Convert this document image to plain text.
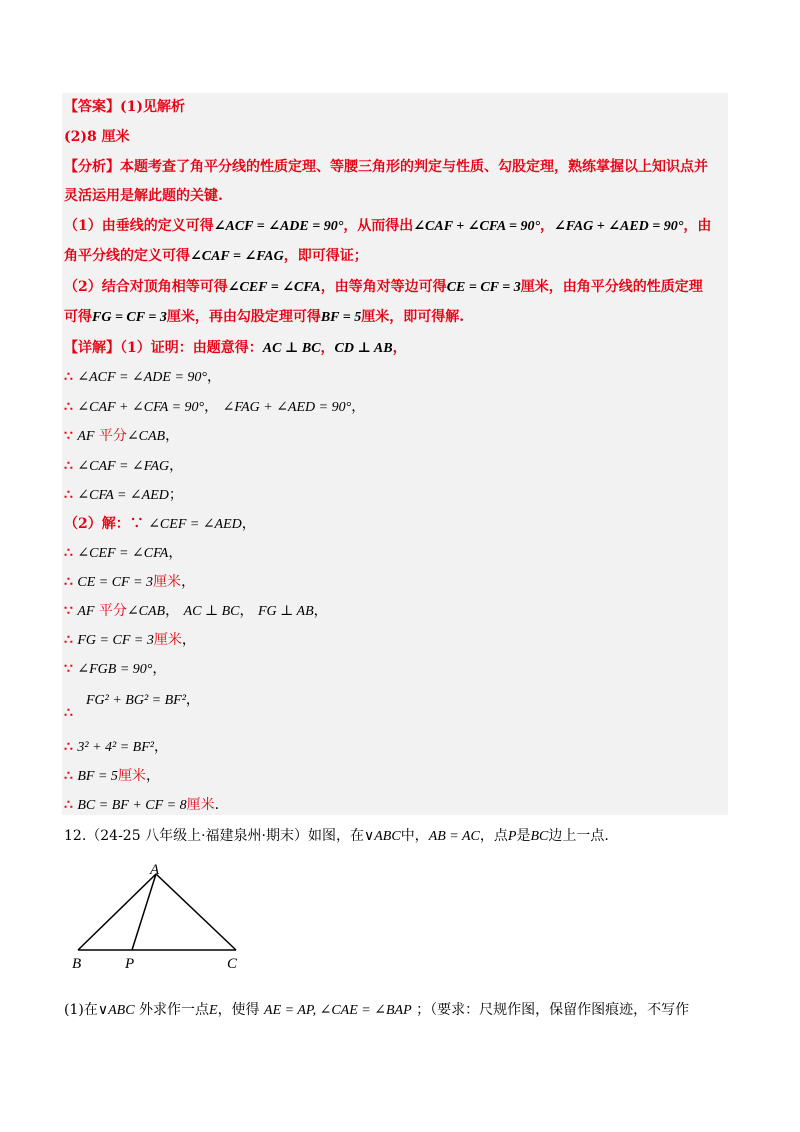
【答案】(1)见解析
(2)8 厘米
【分析】本题考查了角平分线的性质定理、等腰三角形的判定与性质、勾股定理，熟练掌握以上知识点并
灵活运用是解此题的关键.
（1）由垂线的定义可得∠ACF = ∠ADE = 90°，从而得出∠CAF + ∠CFA = 90°，∠FAG + ∠AED = 90°，由
角平分线的定义可得∠CAF = ∠FAG，即可得证；
（2）结合对顶角相等可得∠CEF = ∠CFA，由等角对等边可得CE = CF = 3厘米，由角平分线的性质定理
可得FG = CF = 3厘米，再由勾股定理可得BF = 5厘米，即可得解.
【详解】（1）证明：由题意得：AC ⊥ BC，CD ⊥ AB，
∴ ∠ACF = ∠ADE = 90°，
∴ ∠CAF + ∠CFA = 90°， ∠FAG + ∠AED = 90°，
∵ AF 平分∠CAB，
∴ ∠CAF = ∠FAG，
∴ ∠CFA = ∠AED；
（2）解：∵ ∠CEF = ∠AED，
∴ ∠CEF = ∠CFA，
∴ CE = CF = 3厘米，
∵ AF 平分∠CAB， AC ⊥ BC， FG ⊥ AB，
∴ FG = CF = 3厘米，
∵ ∠FGB = 90°，
FG² + BG² = BF²，
∴
∴ 3² + 4² = BF²，
∴ BF = 5厘米，
∴ BC = BF + CF = 8厘米.
12.（24-25 八年级上·福建泉州·期末）如图，在∨ABC中，AB = AC，点P是BC边上一点.
A
B	P	C
(1)在∨ABC 外求作一点E，使得 AE = AP, ∠CAE = ∠BAP ；（要求：尺规作图，保留作图痕迹，不写作
